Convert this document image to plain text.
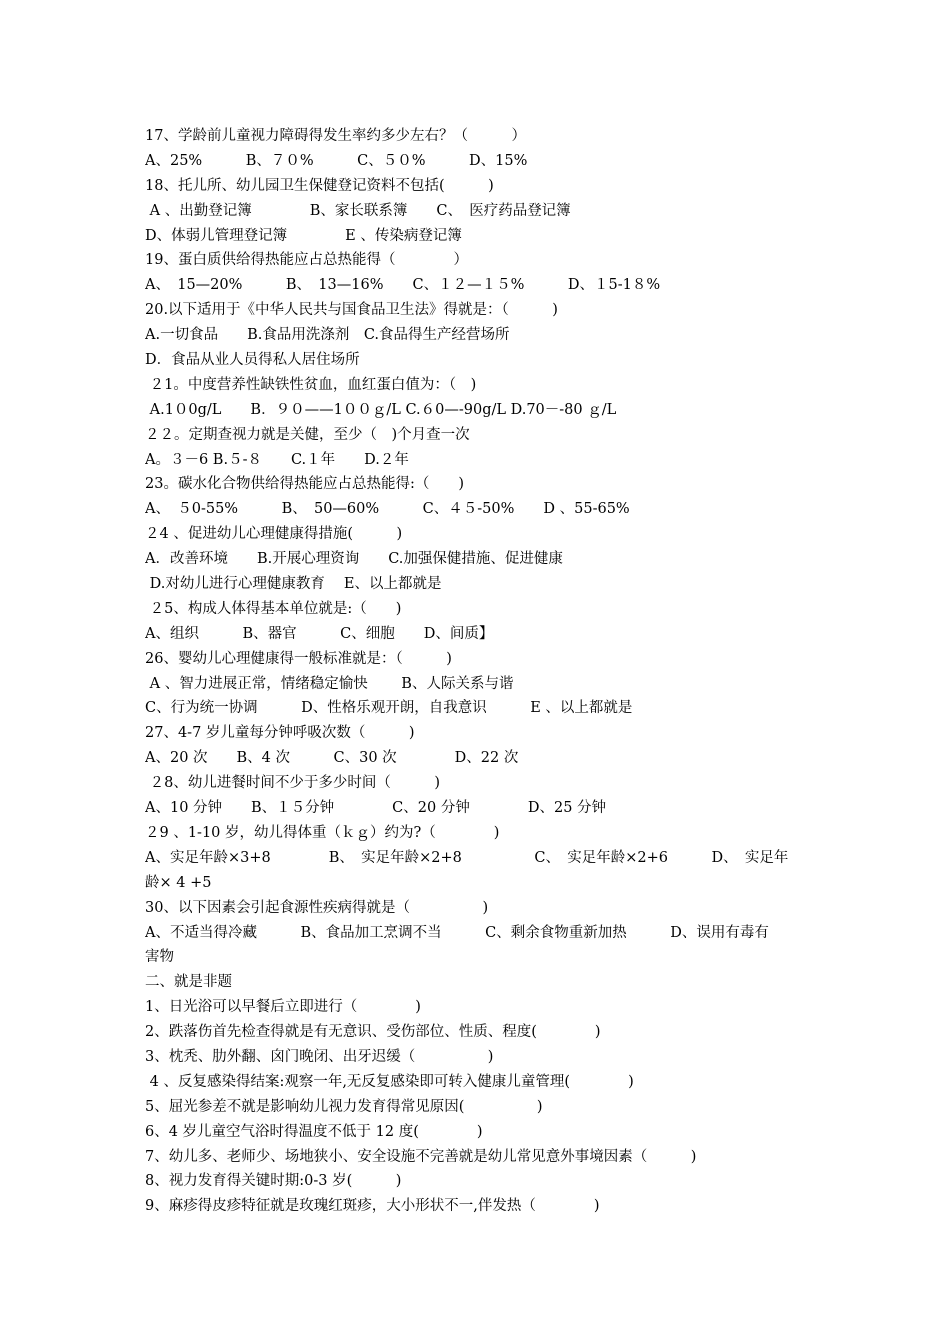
17、学龄前儿童视力障碍得发生率约多少左右？（　　　）
A、25%　　　B、７０%　　　C、５０%　　　D、15%
18、托儿所、幼儿园卫生保健登记资料不包括(　　　)
A 、出勤登记簿　　　　B、家长联系簿　　C、　医疗药品登记簿
D、体弱儿管理登记簿　　　　E 、传染病登记簿
19、蛋白质供给得热能应占总热能得（　　　　）
A、　15—20%　　　B、　13—16%　　C、１２—１５%　　　D、１5-1８%
20.以下适用于《中华人民共与国食品卫生法》得就是：（　　　)
A.一切食品　　B.食品用洗涤剂　C.食品得生产经营场所
D．食品从业人员得私人居住场所
２1。中度营养性缺铁性贫血，血红蛋白值为：（　)
A.1０0g/L　　B．９０——1００ｇ/L C.６0—-90g/L D.70－-80 ｇ/L
２２。定期查视力就是关健，至少（　)个月查一次
A。３－6 B.５-８　　C.１年　　D.２年
23。碳水化合物供给得热能应占总热能得:（　　)
A、　５0-55%　　　B、　50—60%　　　C、４５-50%　　D 、55-65%
２4 、促进幼儿心理健康得措施(　　　)
A．改善环境　　B.开展心理资询　　C.加强保健措施、促进健康
D.对幼儿进行心理健康教育　 E、以上都就是
２5、构成人体得基本单位就是:（　　)
A、组织　　　B、器官　　　C、细胞　　D、间质】
26、婴幼儿心理健康得一般标准就是：（　　　)
A 、智力进展正常，情绪稳定愉快　　 B、人际关系与谐
C、行为统一协调　　　D、性格乐观开朗，自我意识　　　E 、以上都就是
27、4-7 岁儿童每分钟呼吸次数（　　　)
A、20 次　　B、4 次　　　C、30 次　　　　D、22 次
２8、幼儿进餐时间不少于多少时间（　　　)
A、10 分钟　　B、１５分钟　　　　C、20 分钟　　　　D、25 分钟
２9 、1-10 岁，幼儿得体重（ｋｇ）约为?（　　　　)
A、实足年龄×3+8　　　　B、　实足年龄×2+8　　　　　C、　实足年龄×2+6　　　D、　实足年
龄× 4 +5
30、以下因素会引起食源性疾病得就是（　　　　　)
A、不适当得冷藏　　　B、食品加工烹调不当　　　C、剩余食物重新加热　　　D、误用有毒有
害物
二、就是非题
1、日光浴可以早餐后立即进行（　　　　)
2、跌落伤首先检查得就是有无意识、受伤部位、性质、程度(　　　　)
3、枕秃、肋外翻、囟门晚闭、出牙迟缓（　　　　　)
4 、反复感染得结案:观察一年,无反复感染即可转入健康儿童管理(　　　　)
5、屈光参差不就是影响幼儿视力发育得常见原因(　　　　　)
6、4 岁儿童空气浴时得温度不低于 12 度(　　　　)
7、幼儿多、老师少、场地狭小、安全设施不完善就是幼儿常见意外事境因素（　　　)
8、视力发育得关键时期:0-3 岁(　　　)
9、麻疹得皮疹特征就是玫瑰红斑疹，大小形状不一,伴发热（　　　　)
